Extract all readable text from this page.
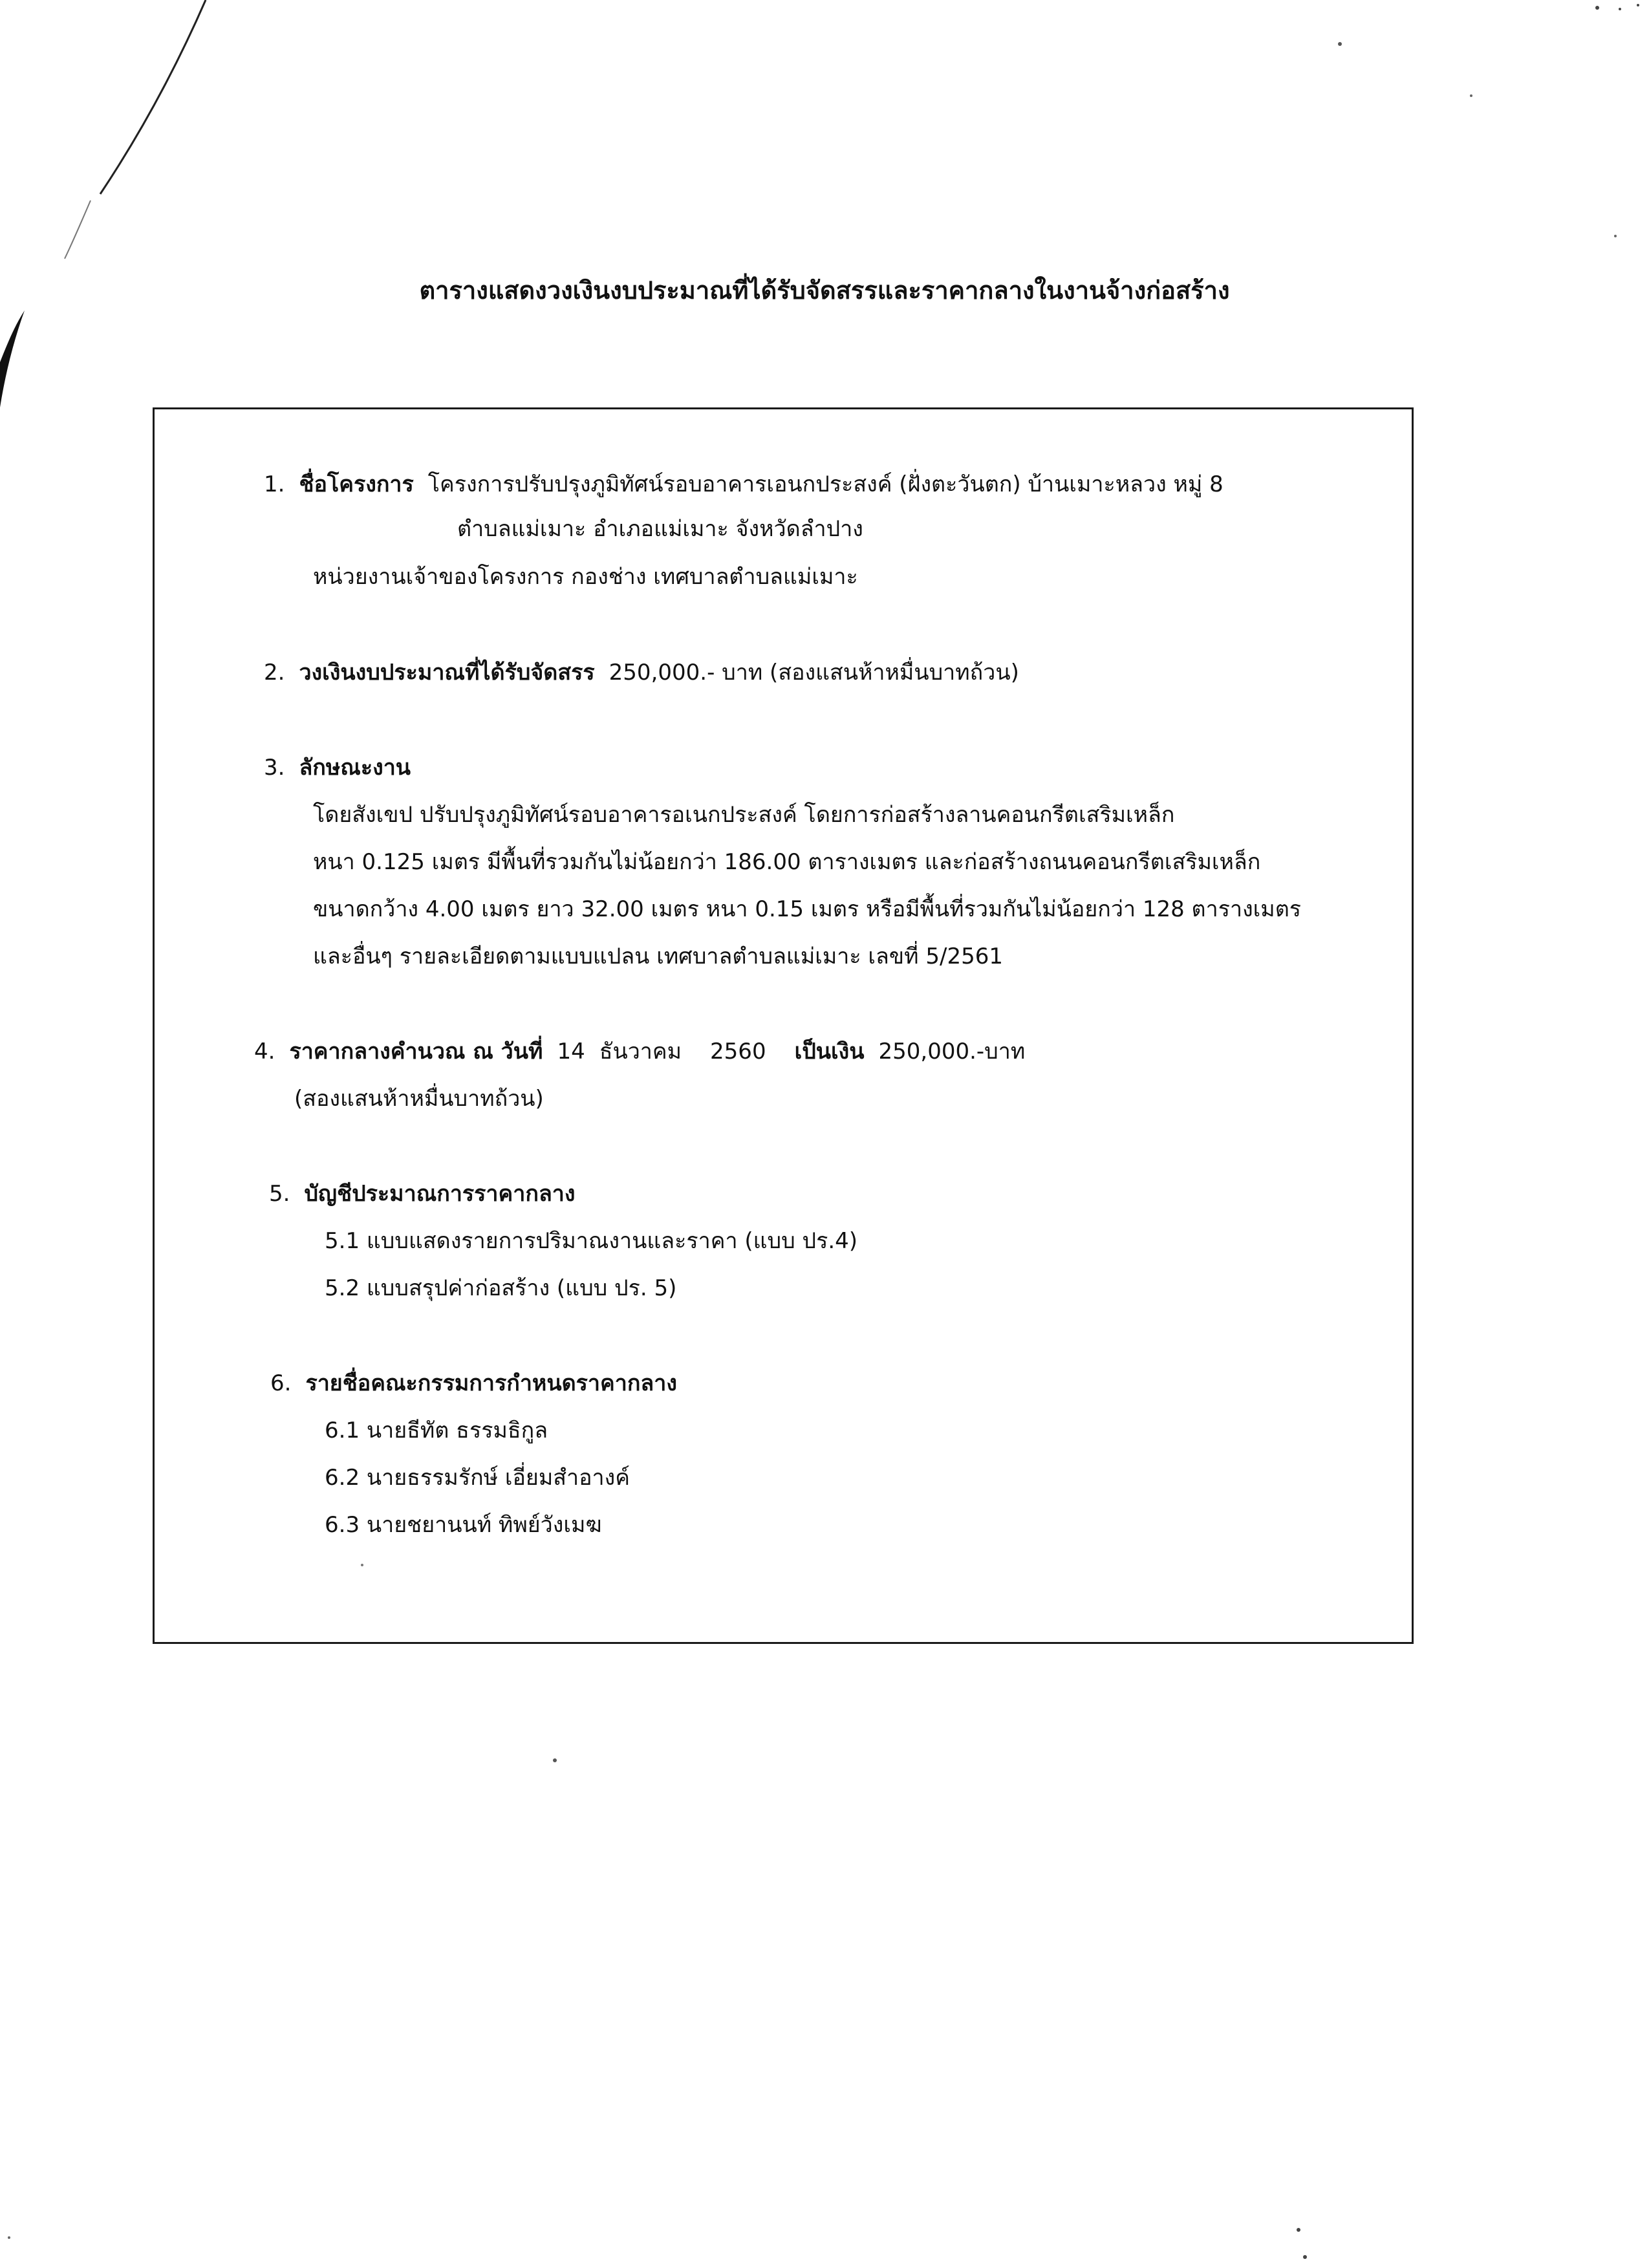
ตารางแสดงวงเงินงบประมาณที่ได้รับจัดสรรและราคากลางในงานจ้างก่อสร้าง
1. ชื่อโครงการ โครงการปรับปรุงภูมิทัศน์รอบอาคารเอนกประสงค์ (ฝั่งตะวันตก) บ้านเมาะหลวง หมู่ 8
ตำบลแม่เมาะ อำเภอแม่เมาะ จังหวัดลำปาง
หน่วยงานเจ้าของโครงการ กองช่าง เทศบาลตำบลแม่เมาะ
2. วงเงินงบประมาณที่ได้รับจัดสรร 250,000.- บาท (สองแสนห้าหมื่นบาทถ้วน)
3. ลักษณะงาน
โดยสังเขป ปรับปรุงภูมิทัศน์รอบอาคารอเนกประสงค์ โดยการก่อสร้างลานคอนกรีตเสริมเหล็ก
หนา 0.125 เมตร มีพื้นที่รวมกันไม่น้อยกว่า 186.00 ตารางเมตร และก่อสร้างถนนคอนกรีตเสริมเหล็ก
ขนาดกว้าง 4.00 เมตร ยาว 32.00 เมตร หนา 0.15 เมตร หรือมีพื้นที่รวมกันไม่น้อยกว่า 128 ตารางเมตร
และอื่นๆ รายละเอียดตามแบบแปลน เทศบาลตำบลแม่เมาะ เลขที่ 5/2561
4. ราคากลางคำนวณ ณ วันที่ 14 ธันวาคม 2560 เป็นเงิน 250,000.-บาท
(สองแสนห้าหมื่นบาทถ้วน)
5. บัญชีประมาณการราคากลาง
5.1 แบบแสดงรายการปริมาณงานและราคา (แบบ ปร.4)
5.2 แบบสรุปค่าก่อสร้าง (แบบ ปร. 5)
6. รายชื่อคณะกรรมการกำหนดราคากลาง
6.1 นายธีทัต ธรรมธิกูล
6.2 นายธรรมรักษ์ เอี่ยมสำอางค์
6.3 นายชยานนท์ ทิพย์วังเมฆ
